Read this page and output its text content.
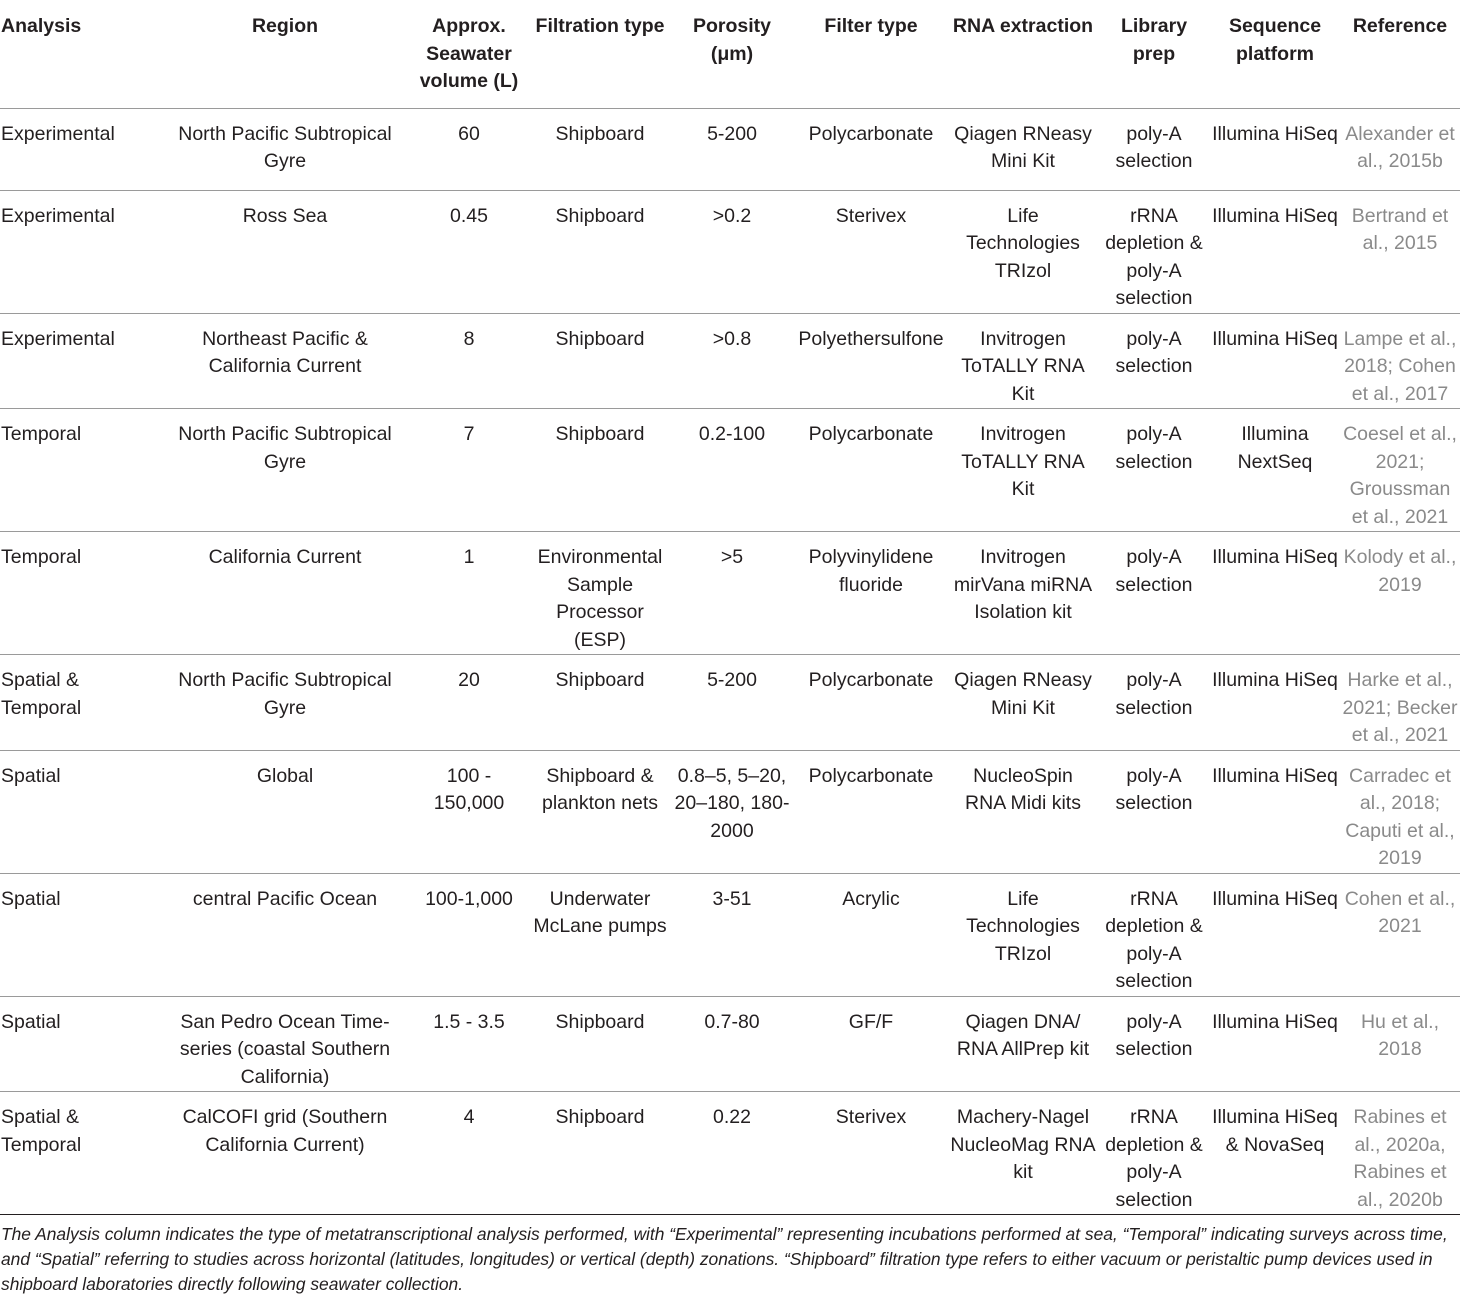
Analysis	Region	Approx. Seawater volume (L)	Filtration type	Porosity (μm)	Filter type	RNA extraction	Library prep	Sequence platform	Reference
Experimental	North Pacific Subtropical Gyre	60	Shipboard	5-200	Polycarbonate	Qiagen RNeasy Mini Kit	poly-A selection	Illumina HiSeq	Alexander et al., 2015b
Experimental	Ross Sea	0.45	Shipboard	>0.2	Sterivex	Life Technologies TRIzol	rRNA depletion & poly-A selection	Illumina HiSeq	Bertrand et al., 2015
Experimental	Northeast Pacific & California Current	8	Shipboard	>0.8	Polyethersulfone	Invitrogen ToTALLY RNA Kit	poly-A selection	Illumina HiSeq	Lampe et al., 2018; Cohen et al., 2017
Temporal	North Pacific Subtropical Gyre	7	Shipboard	0.2-100	Polycarbonate	Invitrogen ToTALLY RNA Kit	poly-A selection	Illumina NextSeq	Coesel et al., 2021; Groussman et al., 2021
Temporal	California Current	1	Environmental Sample Processor (ESP)	>5	Polyvinylidene fluoride	Invitrogen mirVana miRNA Isolation kit	poly-A selection	Illumina HiSeq	Kolody et al., 2019
Spatial & Temporal	North Pacific Subtropical Gyre	20	Shipboard	5-200	Polycarbonate	Qiagen RNeasy Mini Kit	poly-A selection	Illumina HiSeq	Harke et al., 2021; Becker et al., 2021
Spatial	Global	100 - 150,000	Shipboard & plankton nets	0.8–5, 5–20, 20–180, 180-2000	Polycarbonate	NucleoSpin RNA Midi kits	poly-A selection	Illumina HiSeq	Carradec et al., 2018; Caputi et al., 2019
Spatial	central Pacific Ocean	100-1,000	Underwater McLane pumps	3-51	Acrylic	Life Technologies TRIzol	rRNA depletion & poly-A selection	Illumina HiSeq	Cohen et al., 2021
Spatial	San Pedro Ocean Time-series (coastal Southern California)	1.5 - 3.5	Shipboard	0.7-80	GF/F	Qiagen DNA/ RNA AllPrep kit	poly-A selection	Illumina HiSeq	Hu et al., 2018
Spatial & Temporal	CalCOFI grid (Southern California Current)	4	Shipboard	0.22	Sterivex	Machery-Nagel NucleoMag RNA kit	rRNA depletion & poly-A selection	Illumina HiSeq & NovaSeq	Rabines et al., 2020a, Rabines et al., 2020b

The Analysis column indicates the type of metatranscriptional analysis performed, with “Experimental” representing incubations performed at sea, “Temporal” indicating surveys across time, and “Spatial” referring to studies across horizontal (latitudes, longitudes) or vertical (depth) zonations. “Shipboard” filtration type refers to either vacuum or peristaltic pump devices used in shipboard laboratories directly following seawater collection.
